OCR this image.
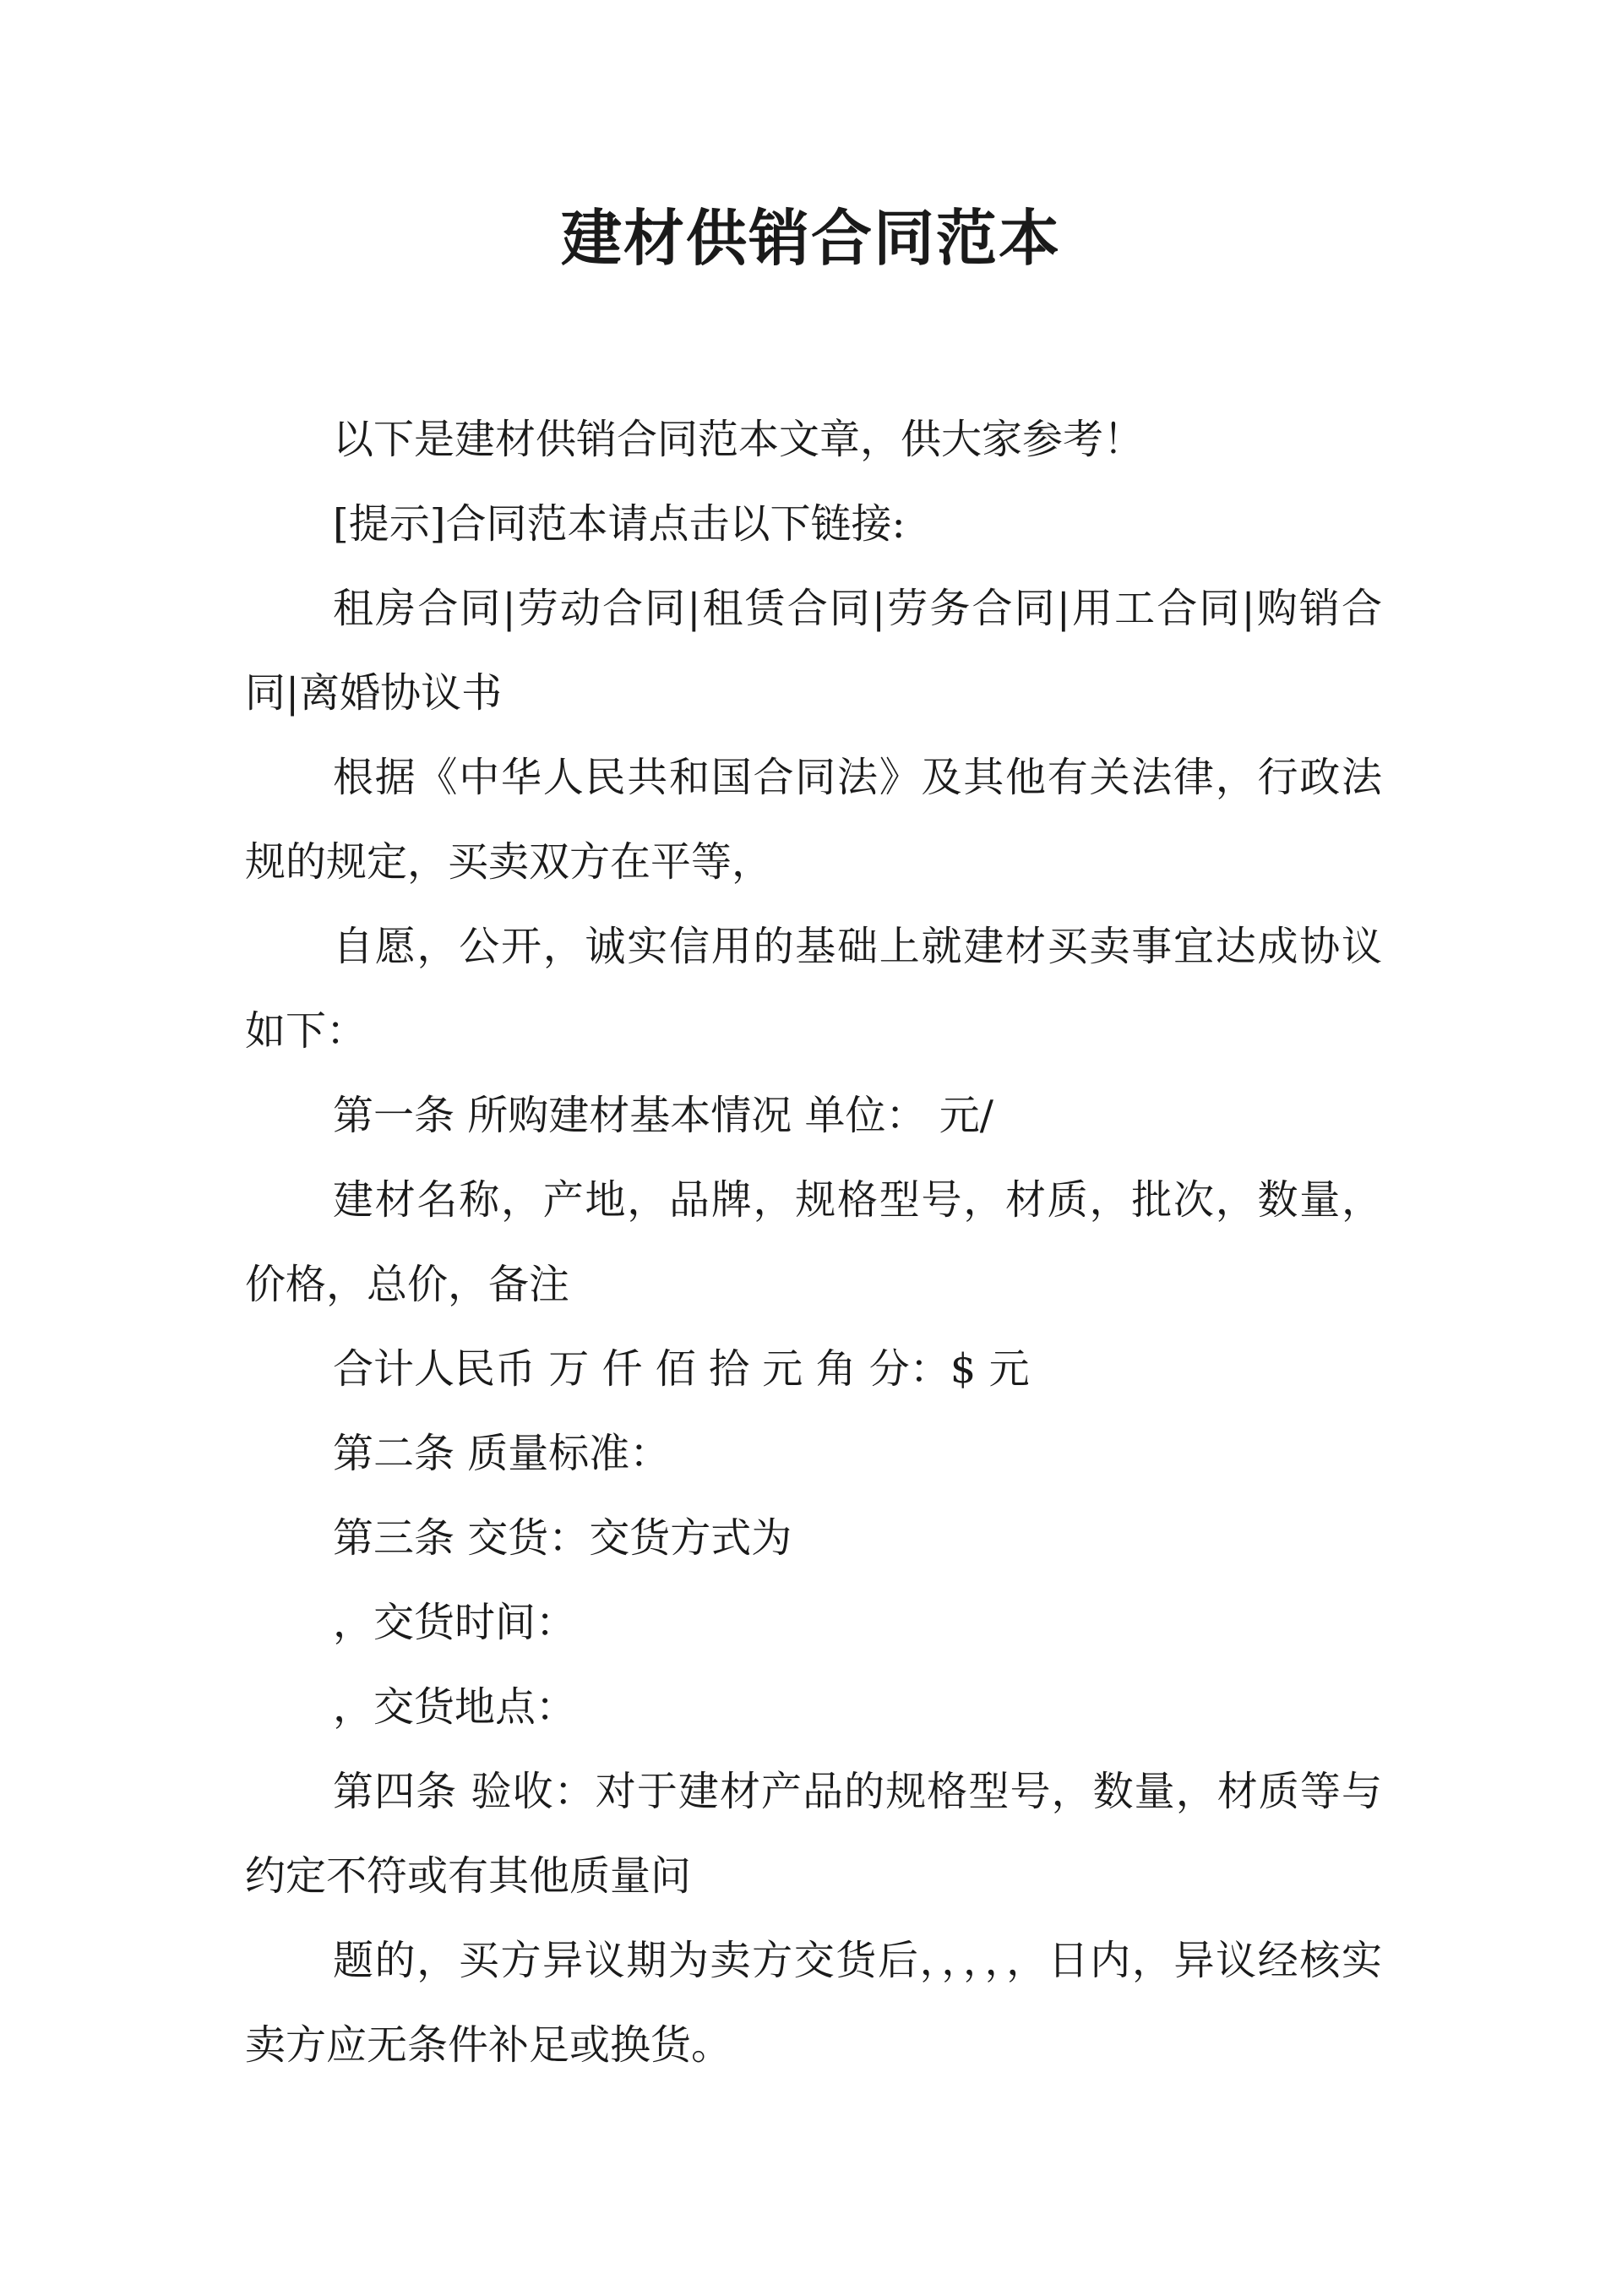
建材供销合同范本

以下是建材供销合同范本文章，供大家参考！

[提示]合同范本请点击以下链接:

租房合同|劳动合同|租赁合同|劳务合同|用工合同|购销合同|离婚协议书

根据《中华人民共和国合同法》及其他有关法律，行政法规的规定，买卖双方在平等，

自愿，公开，诚实信用的基础上就建材买卖事宜达成协议如下：

第一条 所购建材基本情况 单位： 元/

建材名称，产地，品牌，规格型号，材质，批次，数量，价格，总价，备注

合计人民币 万 仟 佰 拾 元 角 分：$ 元

第二条 质量标准：

第三条 交货：交货方式为

，交货时间：

，交货地点：

第四条 验收：对于建材产品的规格型号，数量，材质等与约定不符或有其他质量问

题的，买方异议期为卖方交货后，，，，，日内，异议经核实卖方应无条件补足或换货。
